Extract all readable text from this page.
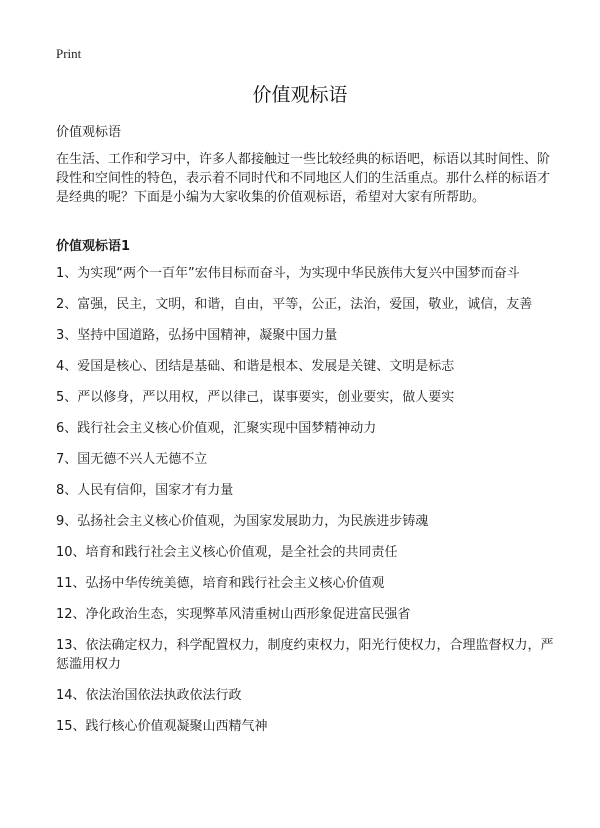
Print
价值观标语

价值观标语

在生活、工作和学习中，许多人都接触过一些比较经典的标语吧，标语以其时间性、阶段性和空间性的特色，表示着不同时代和不同地区人们的生活重点。那什么样的标语才是经典的呢？下面是小编为大家收集的价值观标语，希望对大家有所帮助。

价值观标语1
1、为实现“两个一百年”宏伟目标而奋斗，为实现中华民族伟大复兴中国梦而奋斗
2、富强，民主，文明，和谐，自由，平等，公正，法治，爱国，敬业，诚信，友善
3、坚持中国道路，弘扬中国精神，凝聚中国力量
4、爱国是核心、团结是基础、和谐是根本、发展是关键、文明是标志
5、严以修身，严以用权，严以律己，谋事要实，创业要实，做人要实
6、践行社会主义核心价值观，汇聚实现中国梦精神动力
7、国无德不兴人无德不立
8、人民有信仰，国家才有力量
9、弘扬社会主义核心价值观，为国家发展助力，为民族进步铸魂
10、培育和践行社会主义核心价值观，是全社会的共同责任
11、弘扬中华传统美德，培育和践行社会主义核心价值观
12、净化政治生态，实现弊革风清重树山西形象促进富民强省
13、依法确定权力，科学配置权力，制度约束权力，阳光行使权力，合理监督权力，严惩滥用权力
14、依法治国依法执政依法行政
15、践行核心价值观凝聚山西精气神
